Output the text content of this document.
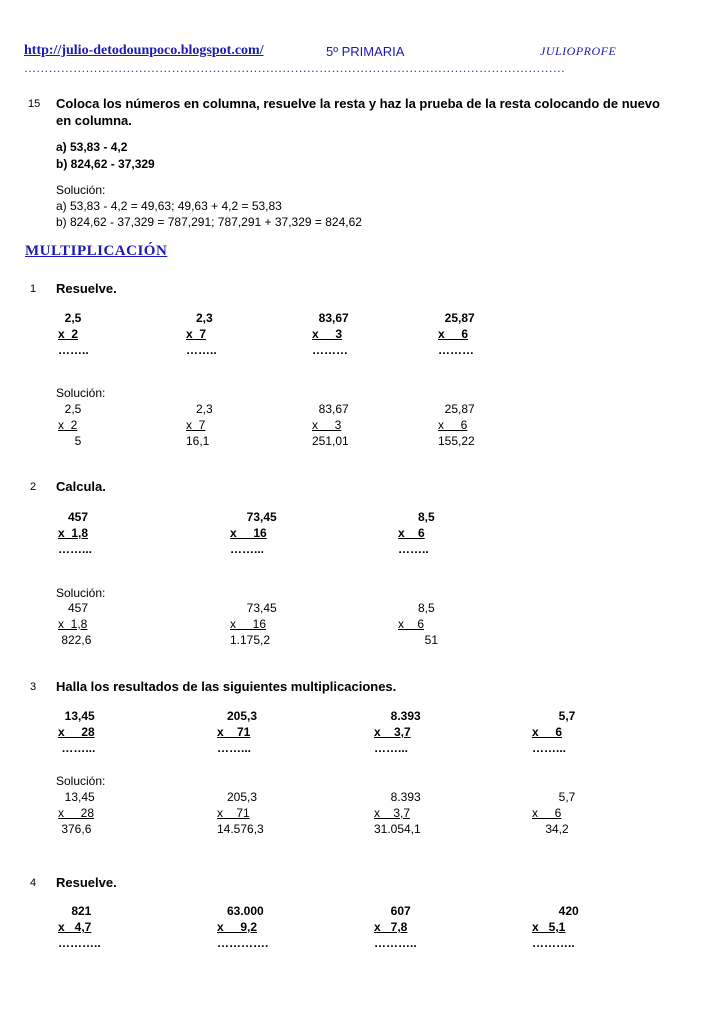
http://julio-detodounpoco.blogspot.com/	5º PRIMARIA	JULIOPROFE
……………………………………………………………………………………………………………………
15 Coloca los números en columna, resuelve la resta y haz la prueba de la resta colocando de nuevo
en columna.
a) 53,83 - 4,2
b) 824,62 - 37,329
Solución:
a) 53,83 - 4,2 = 49,63; 49,63 + 4,2 = 53,83
b) 824,62 - 37,329 = 787,291; 787,291 + 37,329 = 824,62
MULTIPLICACIÓN
1 Resuelve.
2,5
x  2
……..
2,3
x  7
……..
83,67
x     3
………
25,87
x     6
………
Solución:
2,5
x  2
5
2,3
x  7
16,1
83,67
x     3
251,01
25,87
x     6
155,22
2 Calcula.
457
x  1,8
……...
73,45
x     16
……...
8,5
x    6
……..
Solución:
457
x  1,8
822,6
73,45
x     16
1.175,2
8,5
x    6
51
3 Halla los resultados de las siguientes multiplicaciones.
13,45
x     28
……...
205,3
x    71
……...
8.393
x    3,7
……...
5,7
x     6
……...
Solución:
13,45
x     28
376,6
205,3
x    71
14.576,3
8.393
x    3,7
31.054,1
5,7
x     6
34,2
4 Resuelve.
821
x   4,7
………..
63.000
x     9,2
………….
607
x   7,8
………..
420
x   5,1
………..
